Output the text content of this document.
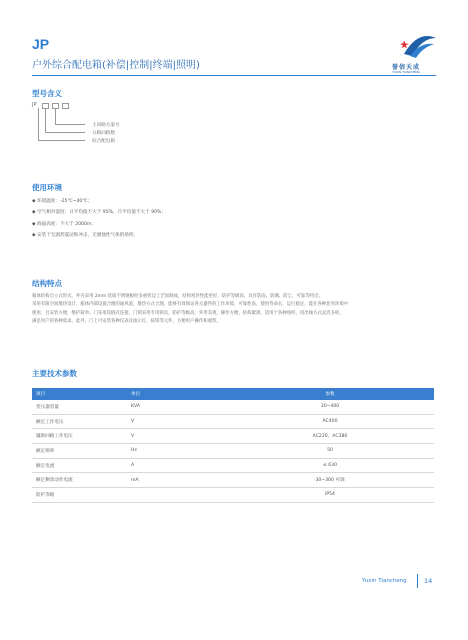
JP
户外综合配电箱(补偿|控制|终端|照明)	誉信天成
YUXIN TIANCHENG
型号含义
JP
主回路方案号
分路回路数
综合配电箱
使用环境
◆ 环境温度：-25℃~40℃；
◆ 空气相对湿度：日平均值不大于 95%，月平均值不大于 90%；
◆ 海拔高度：不大于 2000m；
◆ 安装于无剧烈震动和冲击，无腐蚀性气体的场所。
结构特点
箱体结构自立式形式，外壳采用 2mm 优质不锈钢板经多重折边工艺加制成，结构密封性能更好、防护等级高，具有防雨、防潮、防尘、可靠等特点；
采用有限空间散热设计，箱体内部设置合理的通风道，散热方式合理，能够有效保证各元器件的工作环境，可靠性高，使用寿命长，运行稳定，能在各种恶劣环境中
使用，且安装方便，维护简单。门采用铰链式连接，门锁采用专用锁具，防护等级高，外形美观，操作方便，结构紧凑，适用于各种场所，进出线方式灵活多样，
满足用户的各种需求。此外，门上可安装各种仪表及指示灯、按钮等元件，方便用户操作和观察。
主要技术参数
项目	单位	参数
变压器容量	KVA	30~400
额定工作电压	V	AC400
辅助回路工作电压	V	AC220、AC380
额定频率	Hz	50
额定电流	A	≤ 630
额定剩余动作电流	mA	30~300 可调
防护等级		IP54
Yuxin Tiancheng	14
